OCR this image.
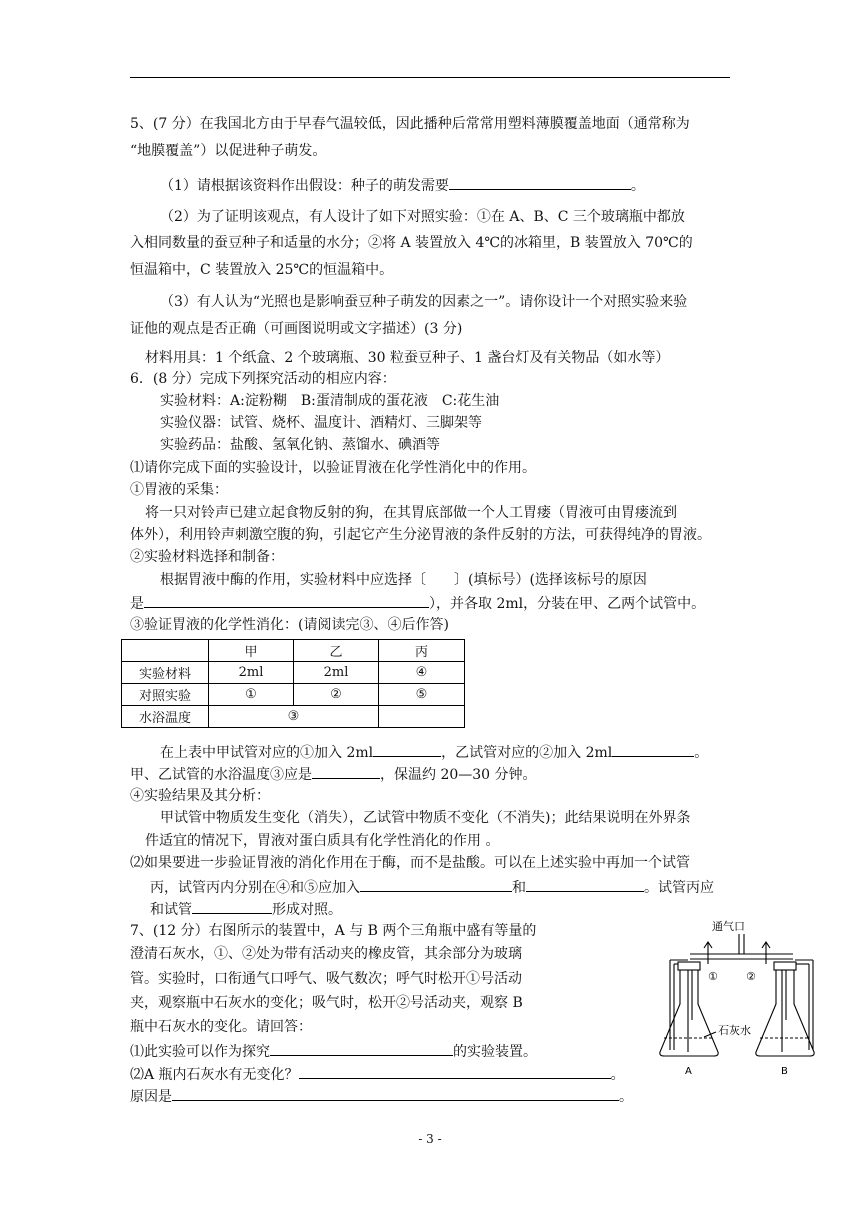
5、(7 分）在我国北方由于早春气温较低，因此播种后常常用塑料薄膜覆盖地面（通常称为
“地膜覆盖”）以促进种子萌发。
（1）请根据该资料作出假设：种子的萌发需要	。
（2）为了证明该观点，有人设计了如下对照实验：①在 A、B、C 三个玻璃瓶中都放
入相同数量的蚕豆种子和适量的水分；②将 A 装置放入 4℃的冰箱里，B 装置放入 70℃的
恒温箱中，C 装置放入 25℃的恒温箱中。
（3）有人认为“光照也是影响蚕豆种子萌发的因素之一”。请你设计一个对照实验来验
证他的观点是否正确（可画图说明或文字描述）(3 分)
材料用具：1 个纸盒、2 个玻璃瓶、30 粒蚕豆种子、1 盏台灯及有关物品（如水等）
6．(8 分）完成下列探究活动的相应内容：
实验材料：A:淀粉糊　B:蛋清制成的蛋花液　C:花生油
实验仪器：试管、烧杯、温度计、酒精灯、三脚架等
实验药品：盐酸、氢氧化钠、蒸馏水、碘酒等
⑴请你完成下面的实验设计，以验证胃液在化学性消化中的作用。
①胃液的采集：
将一只对铃声已建立起食物反射的狗，在其胃底部做一个人工胃瘘（胃液可由胃瘘流到
体外），利用铃声刺激空腹的狗，引起它产生分泌胃液的条件反射的方法，可获得纯净的胃液。
②实验材料选择和制备：
根据胃液中酶的作用，实验材料中应选择〔　　〕(填标号）(选择该标号的原因
是	），并各取 2ml，分装在甲、乙两个试管中。
③验证胃液的化学性消化：(请阅读完③、④后作答)
	甲	乙	丙
实验材料	2ml	2ml	④
对照实验	①	②	⑤
水浴温度	③		
在上表中甲试管对应的①加入 2ml	，乙试管对应的②加入 2ml	。
甲、乙试管的水浴温度③应是	，保温约 20—30 分钟。
④实验结果及其分析：
甲试管中物质发生变化（消失），乙试管中物质不变化（不消失)；此结果说明在外界条
件适宜的情况下，胃液对蛋白质具有化学性消化的作用 。
⑵如果要进一步验证胃液的消化作用在于酶，而不是盐酸。可以在上述实验中再加一个试管
丙，试管丙内分别在④和⑤应加入	和	。试管丙应
和试管	形成对照。
7、(12 分）右图所示的装置中，A 与 B 两个三角瓶中盛有等量的
澄清石灰水，①、②处为带有活动夹的橡皮管，其余部分为玻璃
管。实验时，口衔通气口呼气、吸气数次；呼气时松开①号活动
夹，观察瓶中石灰水的变化；吸气时，松开②号活动夹，观察 B
瓶中石灰水的变化。请回答：
⑴此实验可以作为探究	的实验装置。
⑵A 瓶内石灰水有无变化？	。
原因是	。
通气口
①	②
石灰水
A	B
- 3 -
